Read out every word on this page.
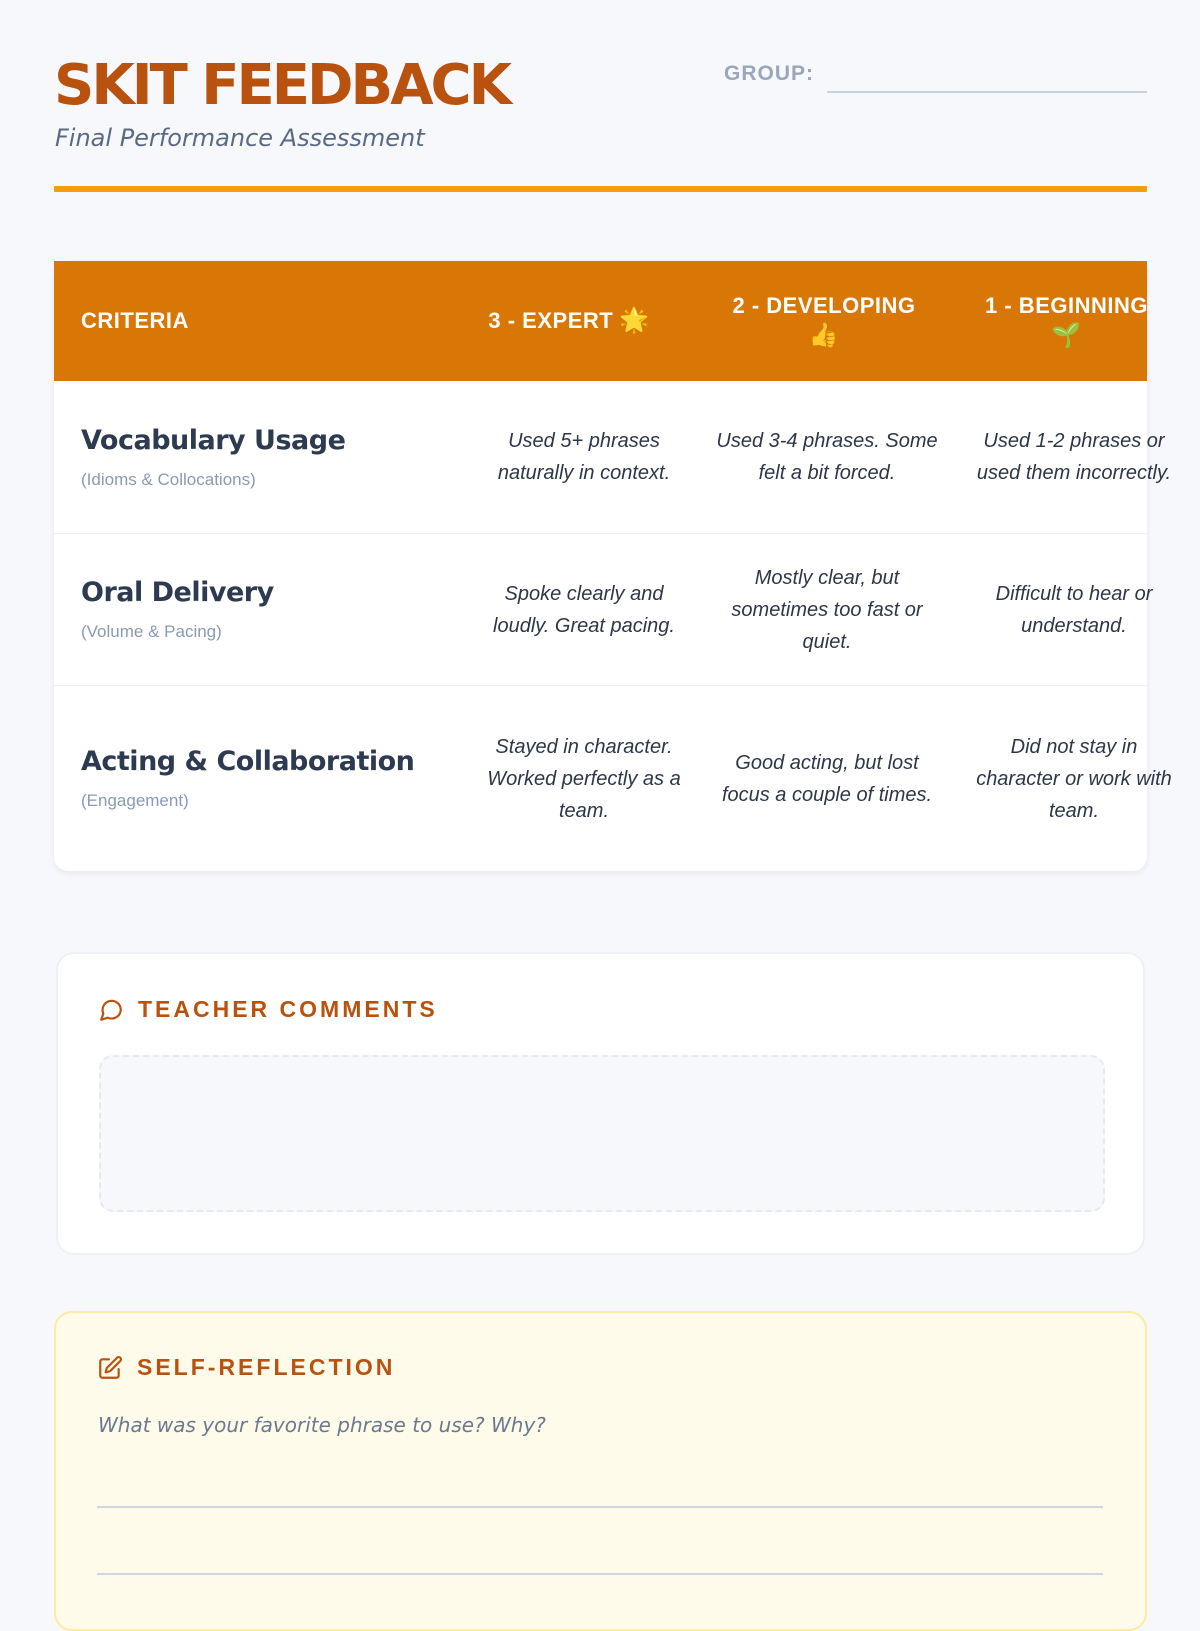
SKIT FEEDBACK
Final Performance Assessment
GROUP:
CRITERIA	3 - EXPERT 🌟
2 - DEVELOPING
👍
1 - BEGINNING
🌱
Vocabulary Usage
(Idioms & Collocations)
Used 5+ phrases naturally in context.
Used 3-4 phrases. Some felt a bit forced.
Used 1-2 phrases or used them incorrectly.
Oral Delivery
(Volume & Pacing)
Spoke clearly and loudly. Great pacing.
Mostly clear, but sometimes too fast or quiet.
Difficult to hear or understand.
Acting & Collaboration
(Engagement)
Stayed in character. Worked perfectly as a team.
Good acting, but lost focus a couple of times.
Did not stay in character or work with team.
TEACHER COMMENTS
SELF-REFLECTION
What was your favorite phrase to use? Why?
